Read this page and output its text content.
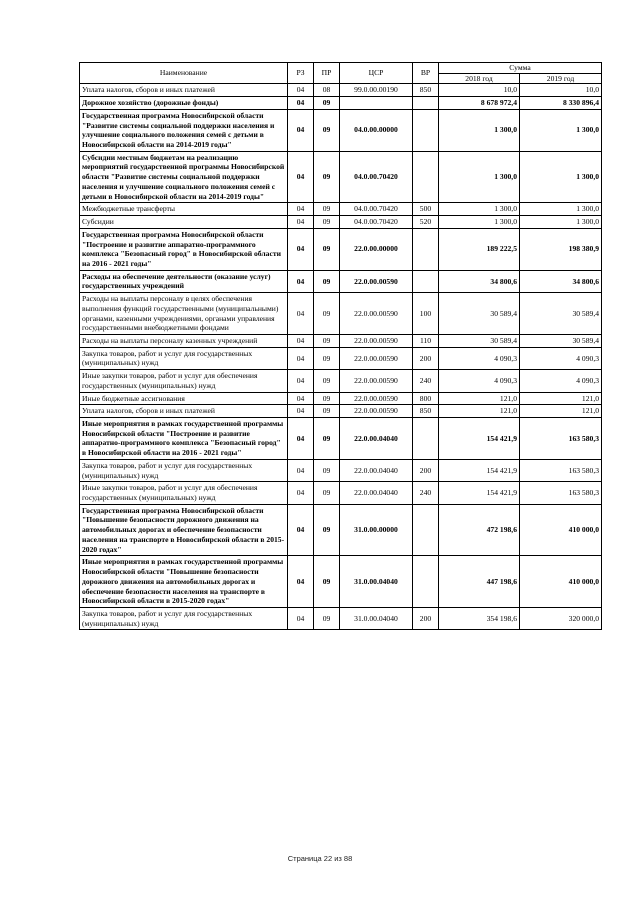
Наименование	РЗ	ПР	ЦСР	ВР	Сумма	
					2018 год	2019 год
Уплата налогов, сборов и иных платежей	04	08	99.0.00.00190	850	10,0	10,0
Дорожное хозяйство (дорожные фонды)	04	09			8 678 972,4	8 330 896,4
Государственная программа Новосибирской области "Развитие системы социальной поддержки населения и улучшение социального положения семей с детьми в Новосибирской области на 2014-2019 годы"	04	09	04.0.00.00000		1 300,0	1 300,0
Субсидии местным бюджетам на реализацию мероприятий государственной программы Новосибирской области "Развитие системы социальной поддержки населения и улучшение социального положения семей с детьми в Новосибирской области на 2014-2019 годы"	04	09	04.0.00.70420		1 300,0	1 300,0
Межбюджетные трансферты	04	09	04.0.00.70420	500	1 300,0	1 300,0
Субсидии	04	09	04.0.00.70420	520	1 300,0	1 300,0
Государственная программа Новосибирской области "Построение и развитие аппаратно-программного комплекса "Безопасный город" в Новосибирской области на 2016 - 2021 годы"	04	09	22.0.00.00000		189 222,5	198 380,9
Расходы на обеспечение деятельности (оказание услуг) государственных учреждений	04	09	22.0.00.00590		34 800,6	34 800,6
Расходы на выплаты персоналу в целях обеспечения выполнения функций государственными (муниципальными) органами, казенными учреждениями, органами управления государственными внебюджетными фондами	04	09	22.0.00.00590	100	30 589,4	30 589,4
Расходы на выплаты персоналу казенных учреждений	04	09	22.0.00.00590	110	30 589,4	30 589,4
Закупка товаров, работ и услуг для государственных (муниципальных) нужд	04	09	22.0.00.00590	200	4 090,3	4 090,3
Иные закупки товаров, работ и услуг для обеспечения государственных (муниципальных) нужд	04	09	22.0.00.00590	240	4 090,3	4 090,3
Иные бюджетные ассигнования	04	09	22.0.00.00590	800	121,0	121,0
Уплата налогов, сборов и иных платежей	04	09	22.0.00.00590	850	121,0	121,0
Иные мероприятия в рамках государственной программы Новосибирской области "Построение и развитие аппаратно-программного комплекса "Безопасный город" в Новосибирской области на 2016 - 2021 годы"	04	09	22.0.00.04040		154 421,9	163 580,3
Закупка товаров, работ и услуг для государственных (муниципальных) нужд	04	09	22.0.00.04040	200	154 421,9	163 580,3
Иные закупки товаров, работ и услуг для обеспечения государственных (муниципальных) нужд	04	09	22.0.00.04040	240	154 421,9	163 580,3
Государственная программа Новосибирской области "Повышение безопасности дорожного движения на автомобильных дорогах и обеспечение безопасности населения на транспорте в Новосибирской области в 2015-2020 годах"	04	09	31.0.00.00000		472 198,6	410 000,0
Иные мероприятия в рамках государственной программы Новосибирской области "Повышение безопасности дорожного движения на автомобильных дорогах и обеспечение безопасности населения на транспорте в Новосибирской области в 2015-2020 годах"	04	09	31.0.00.04040		447 198,6	410 000,0
Закупка товаров, работ и услуг для государственных (муниципальных) нужд	04	09	31.0.00.04040	200	354 198,6	320 000,0
Страница 22 из 88
